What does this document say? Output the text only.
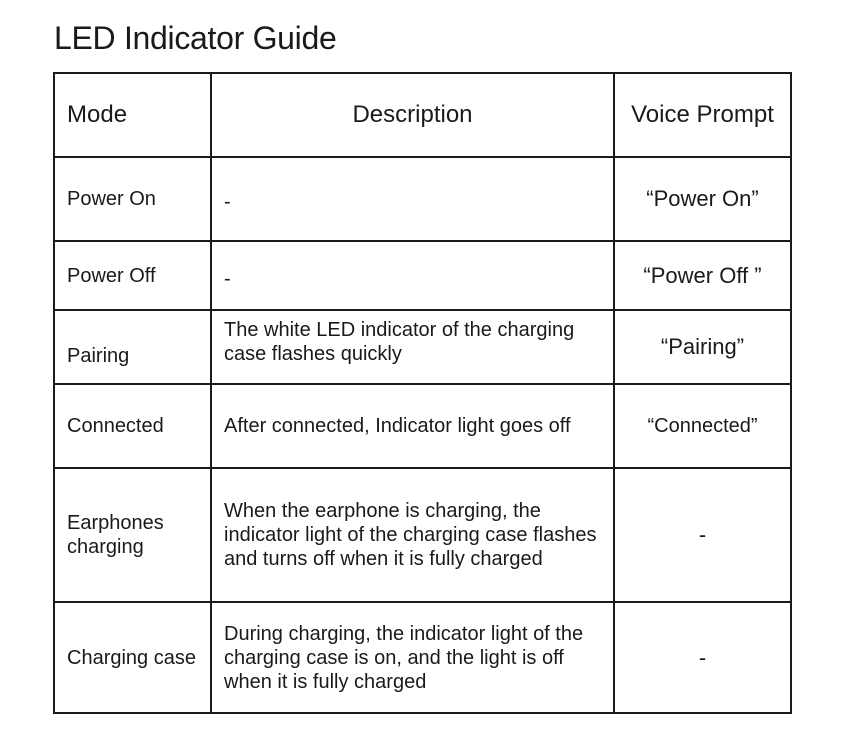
LED Indicator Guide
Mode	Description	Voice Prompt
Power On	-	“Power On”
Power Off	-	“Power Off ”
Pairing	The white LED indicator of the charging case flashes quickly	“Pairing”
Connected	After connected, Indicator light goes off	“Connected”
Earphones charging	When the earphone is charging, the indicator light of the charging case flashes and turns off when it is fully charged	-
Charging case	During charging, the indicator light of the charging case is on, and the light is off when it is fully charged	-
